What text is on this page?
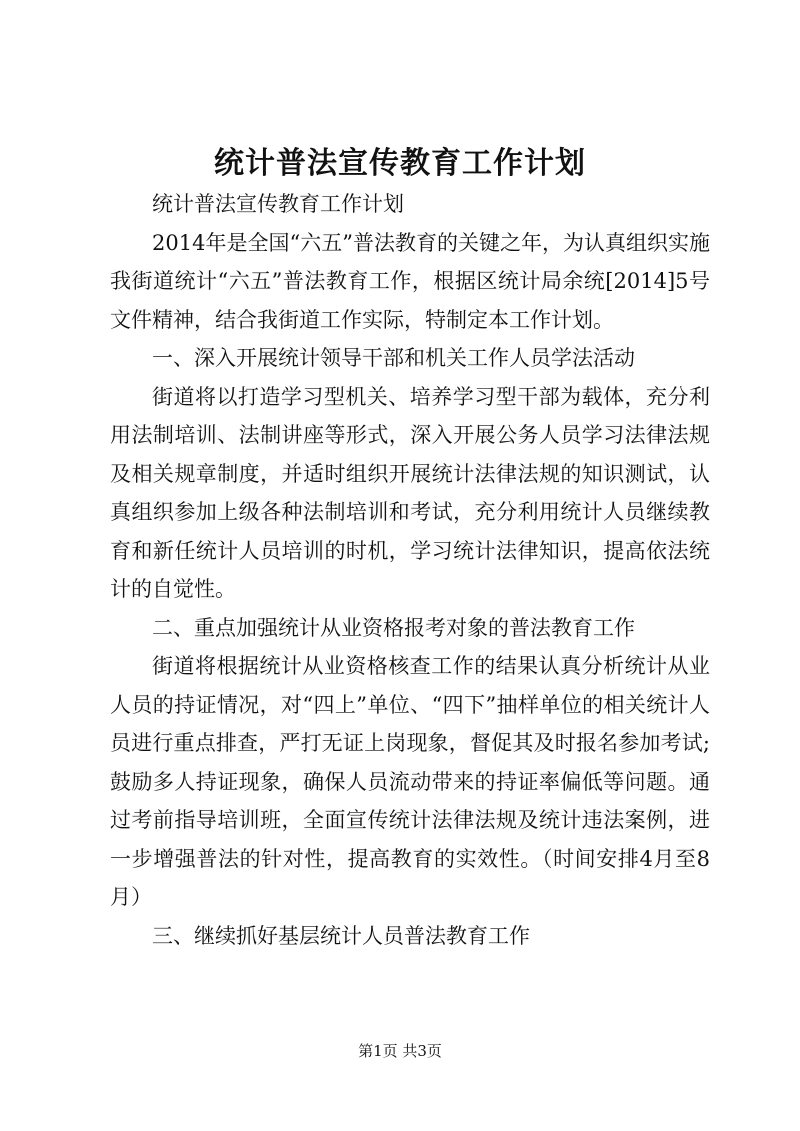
统计普法宣传教育工作计划

统计普法宣传教育工作计划

2014年是全国“六五”普法教育的关键之年，为认真组织实施我街道统计“六五”普法教育工作，根据区统计局余统[2014]5号文件精神，结合我街道工作实际，特制定本工作计划。

一、深入开展统计领导干部和机关工作人员学法活动

街道将以打造学习型机关、培养学习型干部为载体，充分利用法制培训、法制讲座等形式，深入开展公务人员学习法律法规及相关规章制度，并适时组织开展统计法律法规的知识测试，认真组织参加上级各种法制培训和考试，充分利用统计人员继续教育和新任统计人员培训的时机，学习统计法律知识，提高依法统计的自觉性。

二、重点加强统计从业资格报考对象的普法教育工作

街道将根据统计从业资格核查工作的结果认真分析统计从业人员的持证情况，对“四上”单位、“四下”抽样单位的相关统计人员进行重点排查，严打无证上岗现象，督促其及时报名参加考试;鼓励多人持证现象，确保人员流动带来的持证率偏低等问题。通过考前指导培训班，全面宣传统计法律法规及统计违法案例，进一步增强普法的针对性，提高教育的实效性。（时间安排4月至8月）

三、继续抓好基层统计人员普法教育工作

第1页 共3页
